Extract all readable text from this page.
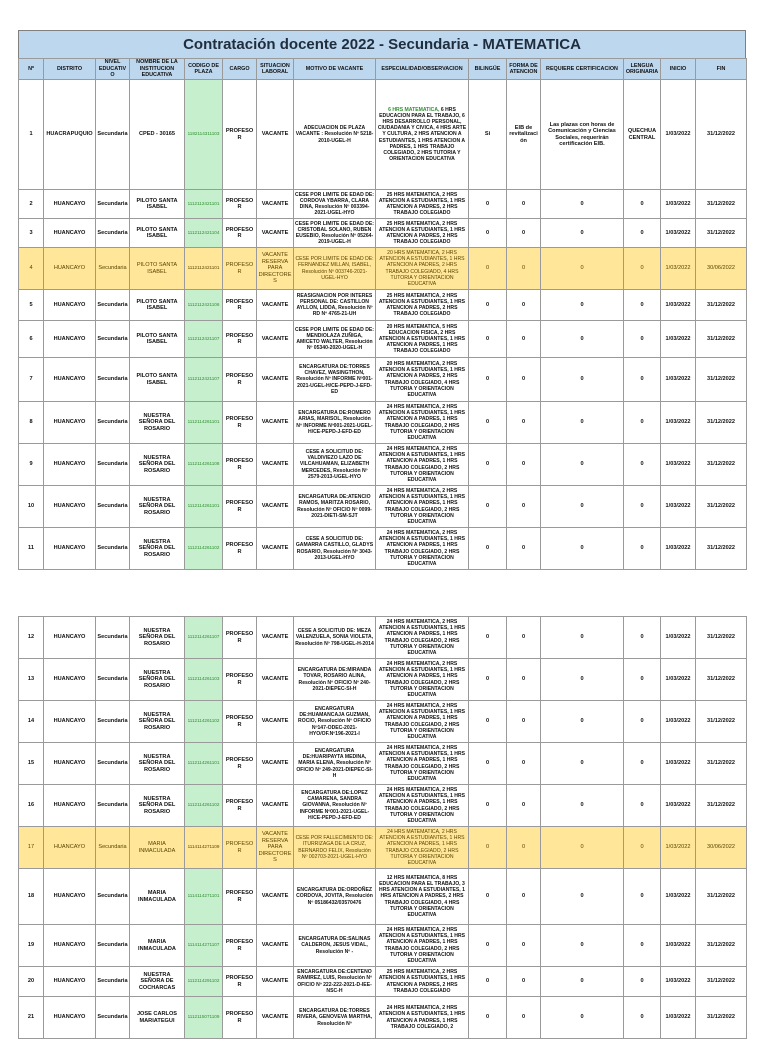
Contratación docente 2022 - Secundaria - MATEMATICA
Nº	DISTRITO	NIVEL EDUCATIVO	NOMBRE DE LA INSTITUCION EDUCATIVA	CODIGO DE PLAZA	CARGO	SITUACION LABORAL	MOTIVO DE VACANTE	ESPECIALIDAD/OBSERVACION	BILINGÜE	FORMA DE ATENCION	REQUIERE CERTIFICACION	LENGUA ORIGINARIA	INICIO	FIN
1	HUACRAPUQUIO	Secundaria	CPED - 30165	1182114311103	PROFESOR	VACANTE	ADECUACION DE PLAZA VACANTE : Resolución Nº 5218-2010-UGEL-H	6 HRS MATEMATICA, 6 HRS EDUCACION PARA EL TRABAJO, 6 HRS DESARROLLO PERSONAL, CIUDADANIA Y CIVICA, 4 HRS ARTE Y CULTURA, 2 HRS ATENCION A ESTUDIANTES, 1 HRS ATENCION A PADRES, 1 HRS TRABAJO COLEGIADO, 2 HRS TUTORIA Y ORIENTACION EDUCATIVA	Si	EIB de revitalización	Las plazas con horas de Comunicación y Ciencias Sociales, requerirán certificación EIB.	QUECHUA CENTRAL	1/03/2022	31/12/2022
2	HUANCAYO	Secundaria	PILOTO SANTA ISABEL	1112112421101	PROFESOR	VACANTE	CESE POR LIMITE DE EDAD DE: CORDOVA YBARRA, CLARA DINA, Resolución Nº 003394-2021-UGEL-HYO	25 HRS MATEMATICA, 2 HRS ATENCION A ESTUDIANTES, 1 HRS ATENCION A PADRES, 2 HRS TRABAJO COLEGIADO	0	0	0	0	1/03/2022	31/12/2022
3	HUANCAYO	Secundaria	PILOTO SANTA ISABEL	1112112421104	PROFESOR	VACANTE	CESE POR LIMITE DE EDAD DE: CRISTOBAL SOLANO, RUBEN EUSEBIO, Resolución Nº 05264-2019-UGEL-H	25 HRS MATEMATICA, 2 HRS ATENCION A ESTUDIANTES, 1 HRS ATENCION A PADRES, 2 HRS TRABAJO COLEGIADO	0	0	0	0	1/03/2022	31/12/2022
4	HUANCAYO	Secundaria	PILOTO SANTA ISABEL	1112112421101	PROFESOR	VACANTE RESERVA PARA DIRECTORES	CESE POR LIMITE DE EDAD DE: FERNANDEZ MILLAN, ISABEL, Resolución Nº 003746-2021-UGEL-HYO	20 HRS MATEMATICA, 2 HRS ATENCION A ESTUDIANTES, 1 HRS ATENCION A PADRES, 2 HRS TRABAJO COLEGIADO, 4 HRS TUTORIA Y ORIENTACION EDUCATIVA	0	0	0	0	1/03/2022	30/06/2022
5	HUANCAYO	Secundaria	PILOTO SANTA ISABEL	1112112421106	PROFESOR	VACANTE	REASIGNACION POR INTERES PERSONAL DE: CASTILLON AYLLON, LIDDA, Resolución Nº RD Nº 4765-21-UH	25 HRS MATEMATICA, 2 HRS ATENCION A ESTUDIANTES, 1 HRS ATENCION A PADRES, 2 HRS TRABAJO COLEGIADO	0	0	0	0	1/03/2022	31/12/2022
6	HUANCAYO	Secundaria	PILOTO SANTA ISABEL	1112112421107	PROFESOR	VACANTE	CESE POR LIMITE DE EDAD DE: MENDIOLAZA ZUÑIGA, AMICETO WALTER, Resolución Nº 05340-2020-UGEL-H	20 HRS MATEMATICA, 5 HRS EDUCACION FISICA, 2 HRS ATENCION A ESTUDIANTES, 1 HRS ATENCION A PADRES, 1 HRS TRABAJO COLEGIADO	0	0	0	0	1/03/2022	31/12/2022
7	HUANCAYO	Secundaria	PILOTO SANTA ISABEL	1112112421107	PROFESOR	VACANTE	ENCARGATURA DE:TORRES CHAVEZ, WASINGTHON, Resolución Nº INFORME Nº001-2021-UGEL-H/CE-PEPD-J-EFD-ED	20 HRS MATEMATICA, 2 HRS ATENCION A ESTUDIANTES, 1 HRS ATENCION A PADRES, 2 HRS TRABAJO COLEGIADO, 4 HRS TUTORIA Y ORIENTACION EDUCATIVA	0	0	0	0	1/03/2022	31/12/2022
8	HUANCAYO	Secundaria	NUESTRA SEÑORA DEL ROSARIO	1112114261101	PROFESOR	VACANTE	ENCARGATURA DE:ROMERO ARIAS, MARISOL, Resolución Nº INFORME Nº001-2021-UGEL-H/CE-PEPD-J-EFD-ED	24 HRS MATEMATICA, 2 HRS ATENCION A ESTUDIANTES, 1 HRS ATENCION A PADRES, 1 HRS TRABAJO COLEGIADO, 2 HRS TUTORIA Y ORIENTACION EDUCATIVA	0	0	0	0	1/03/2022	31/12/2022
9	HUANCAYO	Secundaria	NUESTRA SEÑORA DEL ROSARIO	1112114261108	PROFESOR	VACANTE	CESE A SOLICITUD DE: VALDIVIEZO LAZO DE VILCAHUAMAN, ELIZABETH MERCEDES, Resolución Nº 2579-2013-UGEL-HYO	24 HRS MATEMATICA, 2 HRS ATENCION A ESTUDIANTES, 1 HRS ATENCION A PADRES, 1 HRS TRABAJO COLEGIADO, 2 HRS TUTORIA Y ORIENTACION EDUCATIVA	0	0	0	0	1/03/2022	31/12/2022
10	HUANCAYO	Secundaria	NUESTRA SEÑORA DEL ROSARIO	1112114261101	PROFESOR	VACANTE	ENCARGATURA DE:ATENCIO RAMOS, MARITZA ROSARIO, Resolución Nº OFICIO Nº 0099-2021-DIETI-SM-SJT	24 HRS MATEMATICA, 2 HRS ATENCION A ESTUDIANTES, 1 HRS ATENCION A PADRES, 1 HRS TRABAJO COLEGIADO, 2 HRS TUTORIA Y ORIENTACION EDUCATIVA	0	0	0	0	1/03/2022	31/12/2022
11	HUANCAYO	Secundaria	NUESTRA SEÑORA DEL ROSARIO	1112114261102	PROFESOR	VACANTE	CESE A SOLICITUD DE: GAMARRA CASTILLO, GLADYS ROSARIO, Resolución Nº 3043-2013-UGEL-HYO	24 HRS MATEMATICA, 2 HRS ATENCION A ESTUDIANTES, 1 HRS ATENCION A PADRES, 1 HRS TRABAJO COLEGIADO, 2 HRS TUTORIA Y ORIENTACION EDUCATIVA	0	0	0	0	1/03/2022	31/12/2022
12	HUANCAYO	Secundaria	NUESTRA SEÑORA DEL ROSARIO	1112114261107	PROFESOR	VACANTE	CESE A SOLICITUD DE: MEZA VALENZUELA, SONIA VIOLETA, Resolución Nº 798-UGEL-H-2014	24 HRS MATEMATICA, 2 HRS ATENCION A ESTUDIANTES, 1 HRS ATENCION A PADRES, 1 HRS TRABAJO COLEGIADO, 2 HRS TUTORIA Y ORIENTACION EDUCATIVA	0	0	0	0	1/03/2022	31/12/2022
13	HUANCAYO	Secundaria	NUESTRA SEÑORA DEL ROSARIO	1112114261103	PROFESOR	VACANTE	ENCARGATURA DE:MIRANDA TOVAR, ROSARIO ALINA, Resolución Nº OFICIO Nº 240-2021-DIEPEC-SI-H	24 HRS MATEMATICA, 2 HRS ATENCION A ESTUDIANTES, 1 HRS ATENCION A PADRES, 1 HRS TRABAJO COLEGIADO, 2 HRS TUTORIA Y ORIENTACION EDUCATIVA	0	0	0	0	1/03/2022	31/12/2022
14	HUANCAYO	Secundaria	NUESTRA SEÑORA DEL ROSARIO	1112114261102	PROFESOR	VACANTE	ENCARGATURA DE:HUAMANCAJA GUZMAN, ROCIO, Resolución Nº OFICIO Nº147-ODEC-2021-HYO/OF.Nº196-2021-I	24 HRS MATEMATICA, 2 HRS ATENCION A ESTUDIANTES, 1 HRS ATENCION A PADRES, 1 HRS TRABAJO COLEGIADO, 2 HRS TUTORIA Y ORIENTACION EDUCATIVA	0	0	0	0	1/03/2022	31/12/2022
15	HUANCAYO	Secundaria	NUESTRA SEÑORA DEL ROSARIO	1112114261101	PROFESOR	VACANTE	ENCARGATURA DE:HUARIPAYTA MEDINA, MARIA ELENA, Resolución Nº OFICIO Nº 249-2021-DIEPEC-SI-H	24 HRS MATEMATICA, 2 HRS ATENCION A ESTUDIANTES, 1 HRS ATENCION A PADRES, 1 HRS TRABAJO COLEGIADO, 2 HRS TUTORIA Y ORIENTACION EDUCATIVA	0	0	0	0	1/03/2022	31/12/2022
16	HUANCAYO	Secundaria	NUESTRA SEÑORA DEL ROSARIO	1112114261102	PROFESOR	VACANTE	ENCARGATURA DE:LOPEZ CAMARENA, SANDRA GIOVANNA, Resolución Nº INFORME Nº001-2021-UGEL-H/CE-PEPD-J-EFD-ED	24 HRS MATEMATICA, 2 HRS ATENCION A ESTUDIANTES, 1 HRS ATENCION A PADRES, 1 HRS TRABAJO COLEGIADO, 2 HRS TUTORIA Y ORIENTACION EDUCATIVA	0	0	0	0	1/03/2022	31/12/2022
17	HUANCAYO	Secundaria	MARIA INMACULADA	1114114271109	PROFESOR	VACANTE RESERVA PARA DIRECTORES	CESE POR FALLECIMIENTO DE: ITURRIZAGA DE LA CRUZ, BERNARDO FELIX, Resolución Nº 002703-2021-UGEL-HYO	24 HRS MATEMATICA, 2 HRS ATENCION A ESTUDIANTES, 1 HRS ATENCION A PADRES, 1 HRS TRABAJO COLEGIADO, 2 HRS TUTORIA Y ORIENTACION EDUCATIVA	0	0	0	0	1/03/2022	30/06/2022
18	HUANCAYO	Secundaria	MARIA INMACULADA	1114114271101	PROFESOR	VACANTE	ENCARGATURA DE:ORDOÑEZ CORDOVA, JOVITA, Resolución Nº 05186432/03570476	12 HRS MATEMATICA, 8 HRS EDUCACION PARA EL TRABAJO, 3 HRS ATENCION A ESTUDIANTES, 1 HRS ATENCION A PADRES, 2 HRS TRABAJO COLEGIADO, 4 HRS TUTORIA Y ORIENTACION EDUCATIVA	0	0	0	0	1/03/2022	31/12/2022
19	HUANCAYO	Secundaria	MARIA INMACULADA	1114114271107	PROFESOR	VACANTE	ENCARGATURA DE:SALINAS CALDERON, JESUS VIDAL, Resolución Nº -	24 HRS MATEMATICA, 2 HRS ATENCION A ESTUDIANTES, 1 HRS ATENCION A PADRES, 1 HRS TRABAJO COLEGIADO, 2 HRS TUTORIA Y ORIENTACION EDUCATIVA	0	0	0	0	1/03/2022	31/12/2022
20	HUANCAYO	Secundaria	NUESTRA SEÑORA DE COCHARCAS	1112114291102	PROFESOR	VACANTE	ENCARGATURA DE:CENTENO RAMIREZ, LUIS, Resolución Nº OFICIO Nº 222-222-2021-D-IEE-NSC-H	25 HRS MATEMATICA, 2 HRS ATENCION A ESTUDIANTES, 1 HRS ATENCION A PADRES, 2 HRS TRABAJO COLEGIADO	0	0	0	0	1/03/2022	31/12/2022
21	HUANCAYO	Secundaria	JOSE CARLOS MARIATEGUI	1112115071109	PROFESOR	VACANTE	ENCARGATURA DE:TORRES RIVERA, GENOVEVA MARTHA, Resolución Nº	24 HRS MATEMATICA, 2 HRS ATENCION A ESTUDIANTES, 1 HRS ATENCION A PADRES, 1 HRS TRABAJO COLEGIADO, 2	0	0	0	0	1/03/2022	31/12/2022
